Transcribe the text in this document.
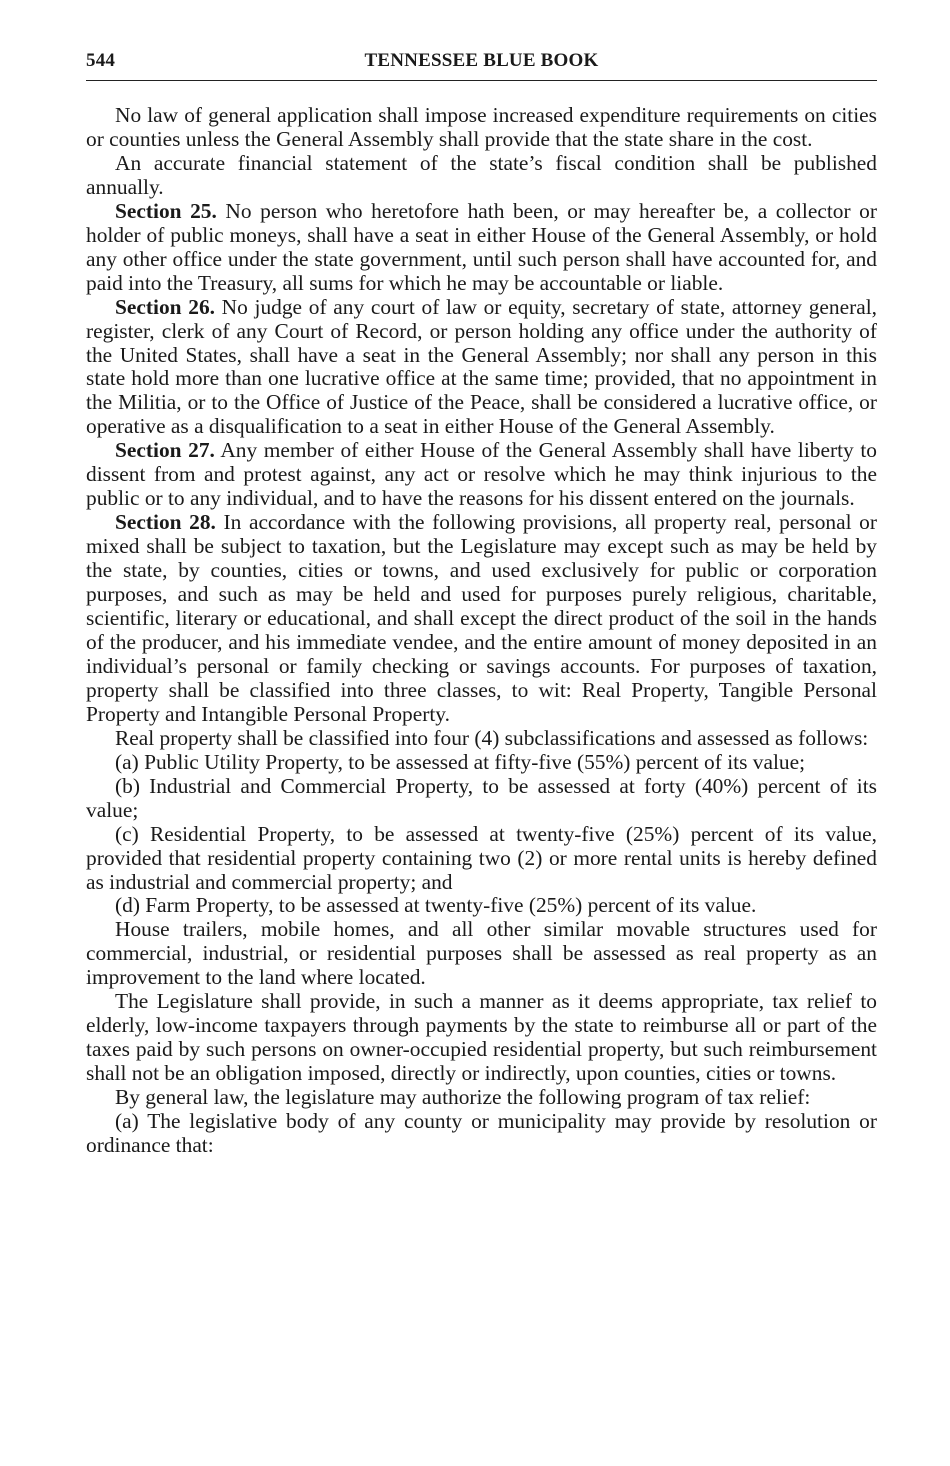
544	TENNESSEE BLUE BOOK

No law of general application shall impose increased expenditure requirements on cities or counties unless the General Assembly shall provide that the state share in the cost.

An accurate financial statement of the state’s fiscal condition shall be published annually.

Section 25. No person who heretofore hath been, or may hereafter be, a collector or holder of public moneys, shall have a seat in either House of the General Assembly, or hold any other office under the state government, until such person shall have accounted for, and paid into the Treasury, all sums for which he may be accountable or liable.

Section 26. No judge of any court of law or equity, secretary of state, attorney general, register, clerk of any Court of Record, or person holding any office under the authority of the United States, shall have a seat in the General Assembly; nor shall any person in this state hold more than one lucrative office at the same time; provided, that no appointment in the Militia, or to the Office of Justice of the Peace, shall be considered a lucrative office, or operative as a disqualification to a seat in either House of the General Assembly.

Section 27. Any member of either House of the General Assembly shall have liberty to dissent from and protest against, any act or resolve which he may think injurious to the public or to any individual, and to have the reasons for his dissent entered on the journals.

Section 28. In accordance with the following provisions, all property real, personal or mixed shall be subject to taxation, but the Legislature may except such as may be held by the state, by counties, cities or towns, and used exclusively for public or corporation purposes, and such as may be held and used for purposes purely religious, charitable, scientific, literary or educational, and shall except the direct product of the soil in the hands of the producer, and his immediate vendee, and the entire amount of money deposited in an individual’s personal or family checking or savings accounts. For purposes of taxation, property shall be classified into three classes, to wit: Real Property, Tangible Personal Property and Intangible Personal Property.

Real property shall be classified into four (4) subclassifications and assessed as follows:

(a) Public Utility Property, to be assessed at fifty-five (55%) percent of its value;

(b) Industrial and Commercial Property, to be assessed at forty (40%) percent of its value;

(c) Residential Property, to be assessed at twenty-five (25%) percent of its value, provided that residential property containing two (2) or more rental units is hereby defined as industrial and commercial property; and

(d) Farm Property, to be assessed at twenty-five (25%) percent of its value.

House trailers, mobile homes, and all other similar movable structures used for commercial, industrial, or residential purposes shall be assessed as real property as an improvement to the land where located.

The Legislature shall provide, in such a manner as it deems appropriate, tax relief to elderly, low-income taxpayers through payments by the state to reimburse all or part of the taxes paid by such persons on owner-occupied residential property, but such reimbursement shall not be an obligation imposed, directly or indirectly, upon counties, cities or towns.

By general law, the legislature may authorize the following program of tax relief:

(a) The legislative body of any county or municipality may provide by resolution or ordinance that:
